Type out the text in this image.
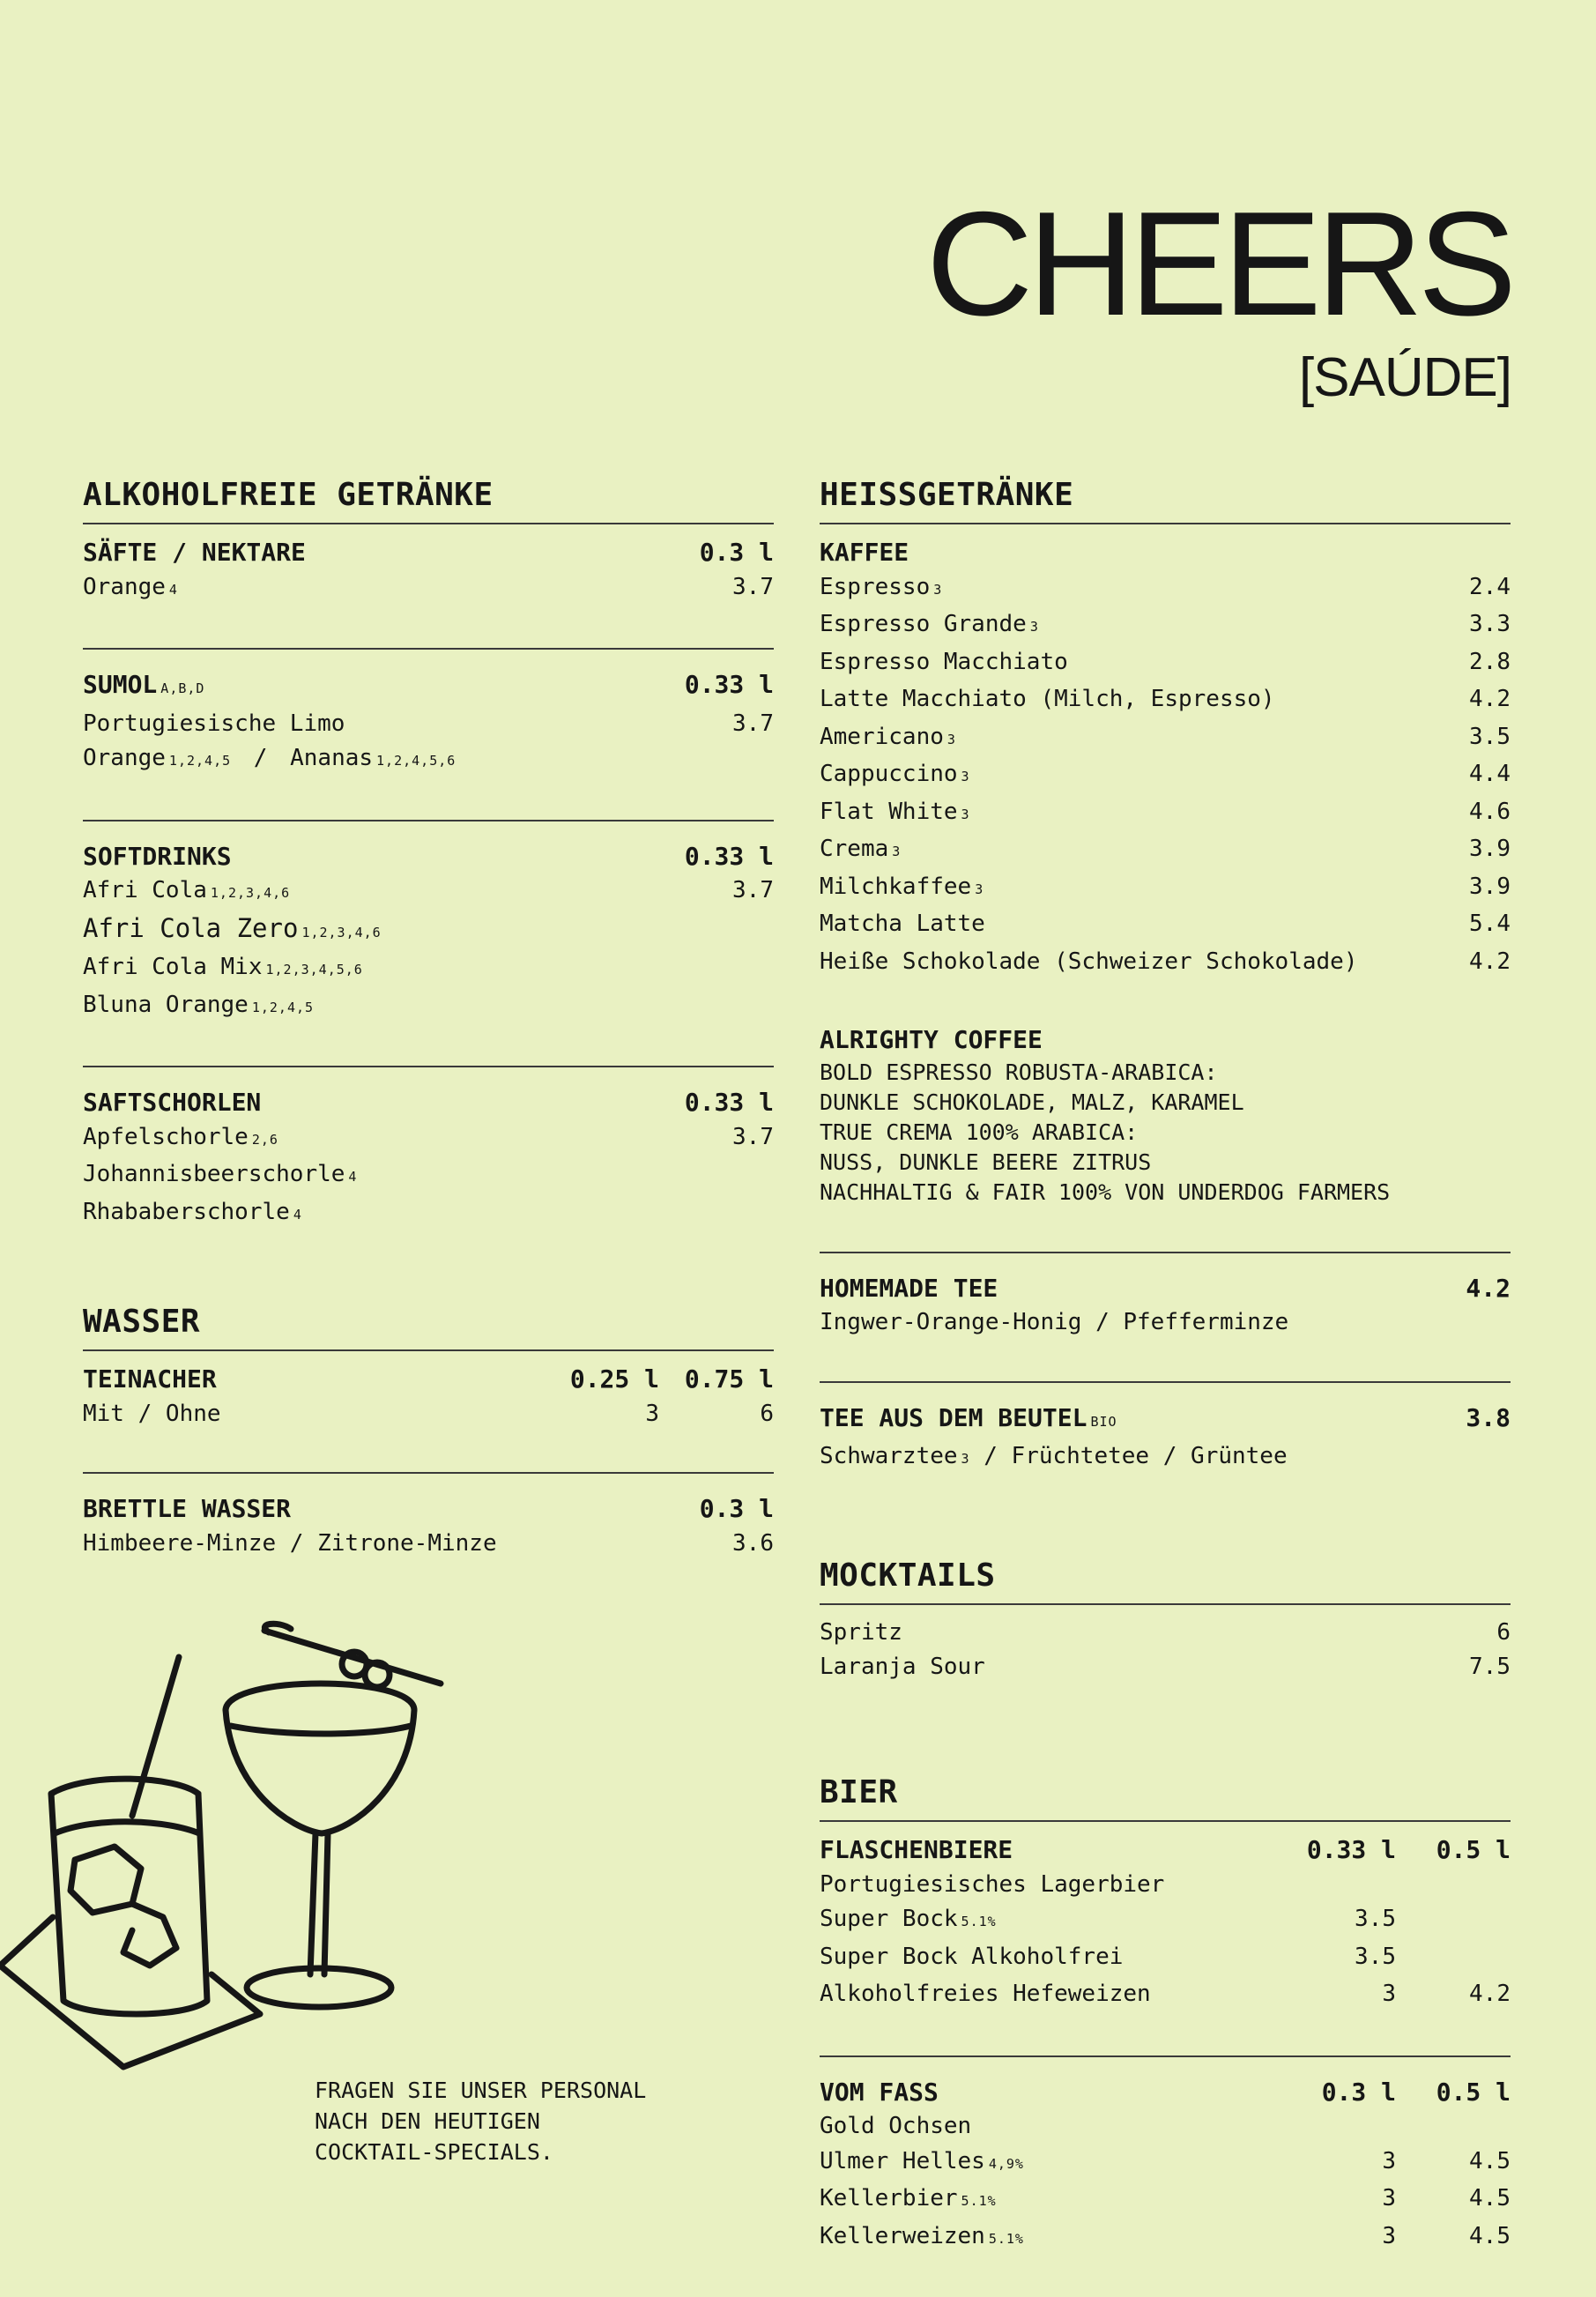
CHEERS
[SAÚDE]
ALKOHOLFREIE GETRÄNKE
SÄFTE / NEKTARE	0.3 l
Orange 4	3.7
SUMOL A,B,D	0.33 l
Portugiesische Limo	3.7
Orange 1,2,4,5 / Ananas 1,2,4,5,6
SOFTDRINKS	0.33 l
Afri Cola 1,2,3,4,6	3.7
Afri Cola Zero 1,2,3,4,6
Afri Cola Mix 1,2,3,4,5,6
Bluna Orange 1,2,4,5
SAFTSCHORLEN	0.33 l
Apfelschorle 2,6	3.7
Johannisbeerschorle 4
Rhababerschorle 4
WASSER
TEINACHER	0.25 l	0.75 l
Mit / Ohne	3	6
BRETTLE WASSER	0.3 l
Himbeere-Minze / Zitrone-Minze	3.6
FRAGEN SIE UNSER PERSONAL
NACH DEN HEUTIGEN
COCKTAIL-SPECIALS.
HEISSGETRÄNKE
KAFFEE
Espresso 3	2.4
Espresso Grande 3	3.3
Espresso Macchiato	2.8
Latte Macchiato (Milch, Espresso)	4.2
Americano 3	3.5
Cappuccino 3	4.4
Flat White 3	4.6
Crema 3	3.9
Milchkaffee 3	3.9
Matcha Latte	5.4
Heiße Schokolade (Schweizer Schokolade)	4.2
ALRIGHTY COFFEE
BOLD ESPRESSO ROBUSTA-ARABICA:
DUNKLE SCHOKOLADE, MALZ, KARAMEL
TRUE CREMA 100% ARABICA:
NUSS, DUNKLE BEERE ZITRUS
NACHHALTIG & FAIR 100% VON UNDERDOG FARMERS
HOMEMADE TEE	4.2
Ingwer-Orange-Honig / Pfefferminze
TEE AUS DEM BEUTEL BIO	3.8
Schwarztee 3 / Früchtetee / Grüntee
MOCKTAILS
Spritz	6
Laranja Sour	7.5
BIER
FLASCHENBIERE	0.33 l	0.5 l
Portugiesisches Lagerbier
Super Bock 5.1%	3.5
Super Bock Alkoholfrei	3.5
Alkoholfreies Hefeweizen	3	4.2
VOM FASS	0.3 l	0.5 l
Gold Ochsen
Ulmer Helles 4,9%	3	4.5
Kellerbier 5.1%	3	4.5
Kellerweizen 5.1%	3	4.5
